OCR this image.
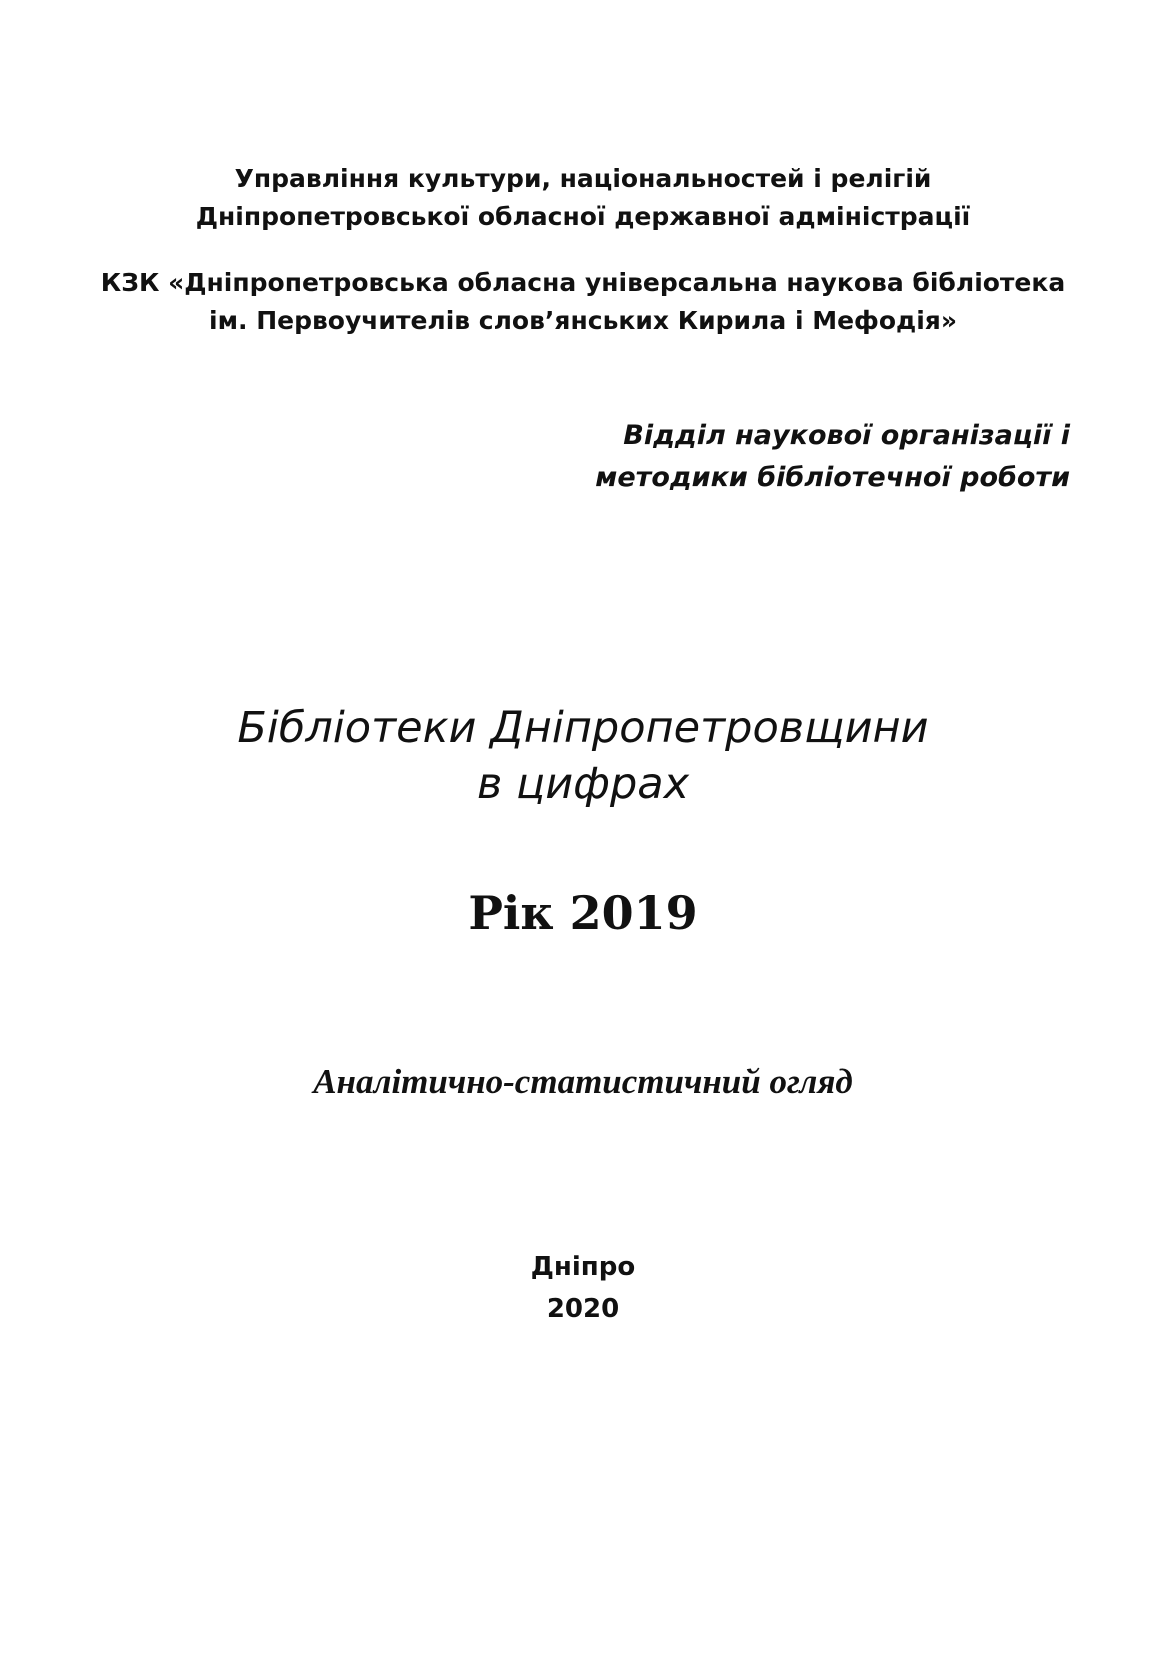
Управління культури, національностей і релігій
Дніпропетровської обласної державної адміністрації
КЗК «Дніпропетровська обласна універсальна наукова бібліотека
ім. Первоучителів слов’янських Кирила і Мефодія»
Відділ наукової організації і
методики бібліотечної роботи
Бібліотеки Дніпропетровщини
в цифрах
Рік 2019
Аналітично-статистичний огляд
Дніпро
2020
